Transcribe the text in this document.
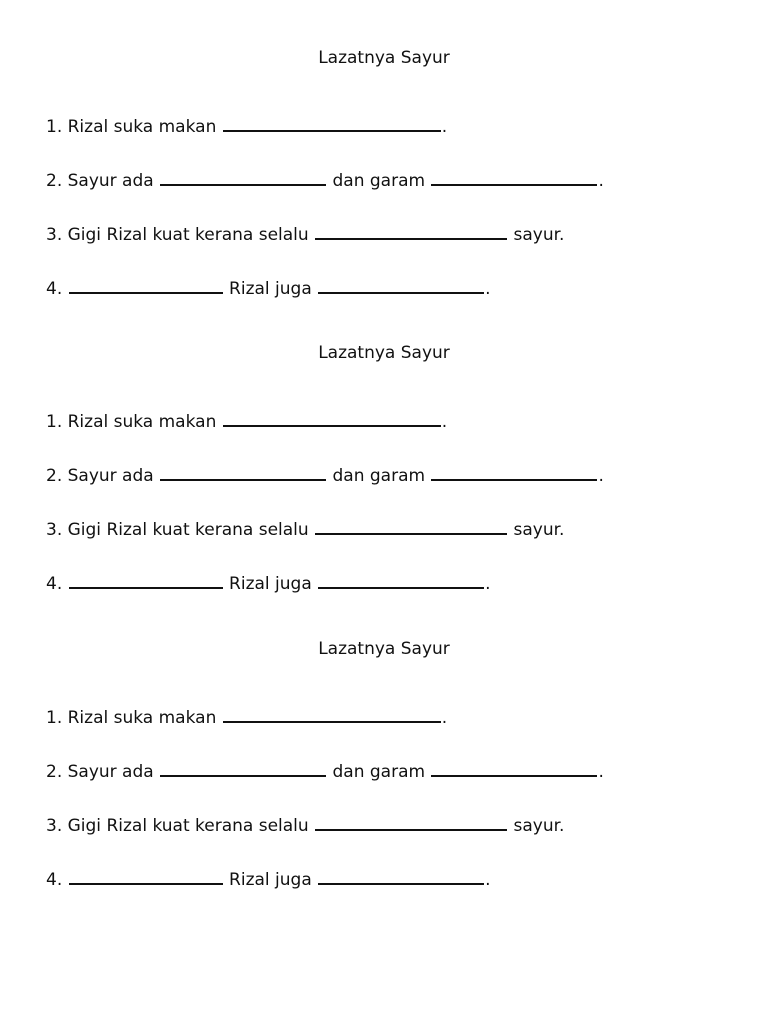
Lazatnya Sayur
1. Rizal suka makan	.
2. Sayur ada	dan garam	.
3. Gigi Rizal kuat kerana selalu	sayur.
4.	Rizal juga	.
Lazatnya Sayur
1. Rizal suka makan	.
2. Sayur ada	dan garam	.
3. Gigi Rizal kuat kerana selalu	sayur.
4.	Rizal juga	.
Lazatnya Sayur
1. Rizal suka makan	.
2. Sayur ada	dan garam	.
3. Gigi Rizal kuat kerana selalu	sayur.
4.	Rizal juga	.
